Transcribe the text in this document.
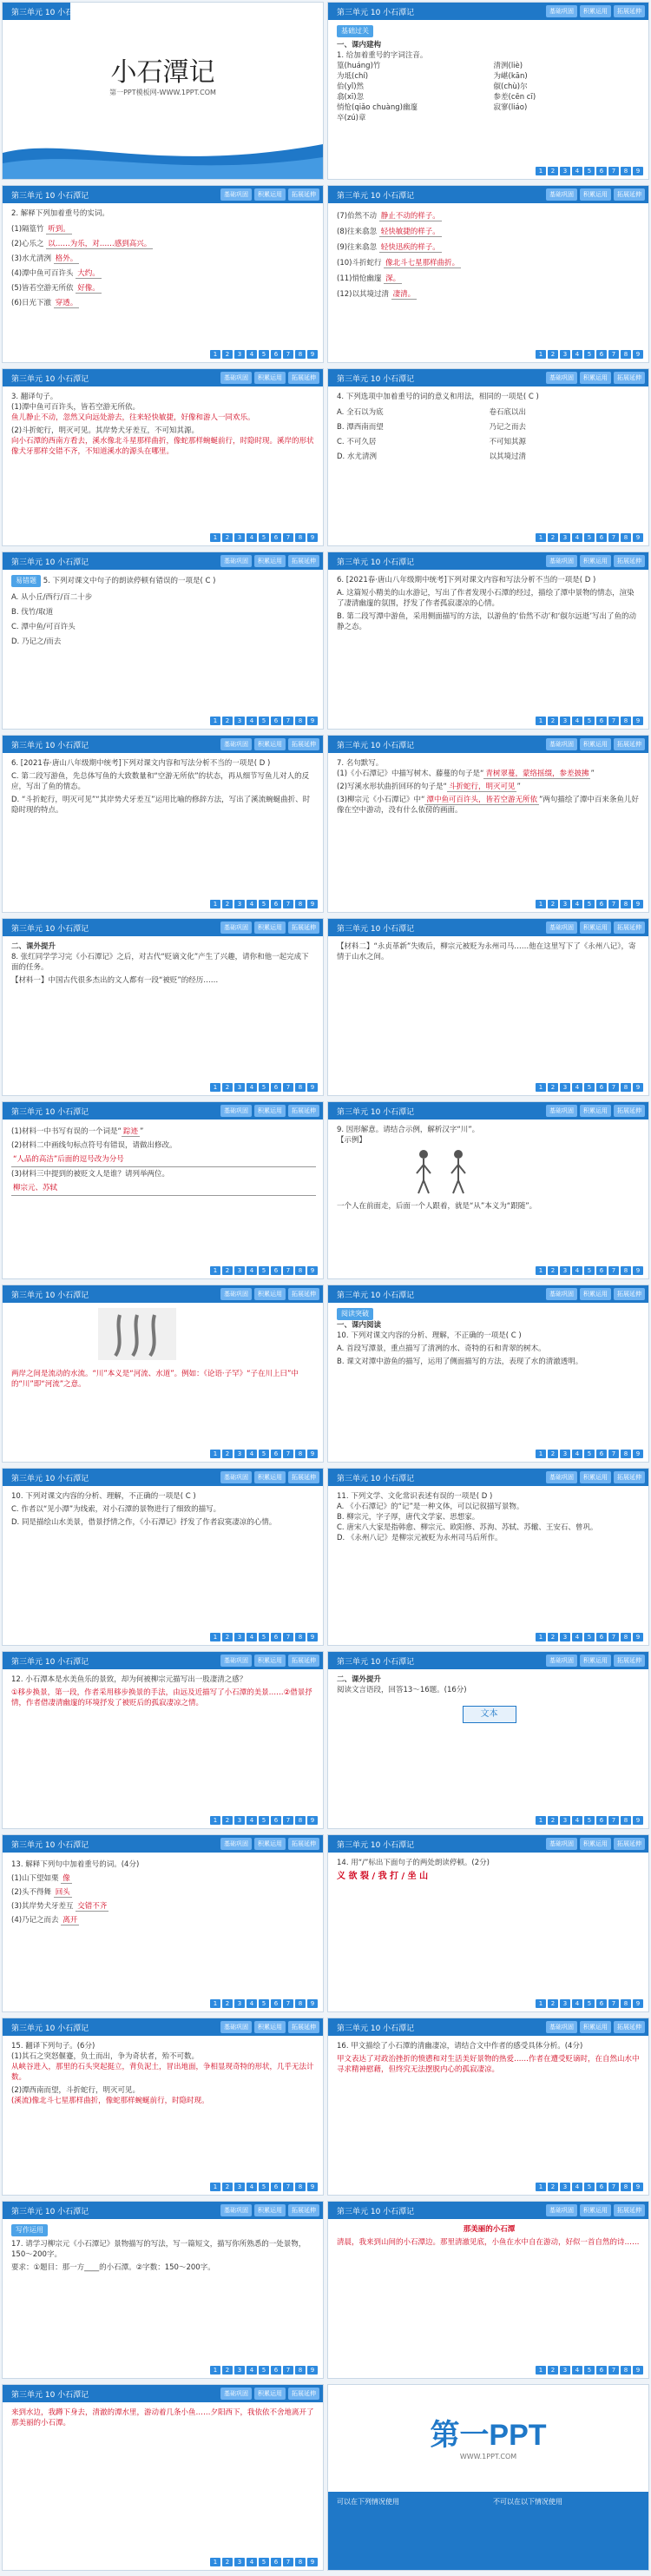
第三单元 10 小石潭记
小石潭记
第一PPT模板网-WWW.1PPT.COM
第三单元 10 小石潭记	基础巩固	积累运用	拓展延伸
基础过关
一、课内建构
1. 给加着重号的字词注音。
篁(huáng)竹	清洌(liè)
为坻(chí)	为嵁(kān)
佁(yǐ)然	俶(chù)尔
翕(xī)忽	参差(cēn cī)
悄怆(qiǎo chuàng)幽邃	寂寥(liáo)
卒(zú)章
1	2	3	4	5	6	7	8	9
第三单元 10 小石潭记	基础巩固	积累运用	拓展延伸
2. 解释下列加着重号的实词。
(1)隔篁竹 听到。
(2)心乐之 以……为乐，对……感到高兴。
(3)水尤清洌 格外。
(4)潭中鱼可百许头 大约。
(5)皆若空游无所依 好像。
(6)日光下澈 穿透。
1	2	3	4	5	6	7	8	9
第三单元 10 小石潭记	基础巩固	积累运用	拓展延伸
(7)佁然不动 静止不动的样子。
(8)往来翕忽 轻快敏捷的样子。
(9)往来翕忽 轻快迅疾的样子。
(10)斗折蛇行 像北斗七星那样曲折。
(11)悄怆幽邃 深。
(12)以其境过清 凄清。
1	2	3	4	5	6	7	8	9
第三单元 10 小石潭记	基础巩固	积累运用	拓展延伸
3. 翻译句子。
(1)潭中鱼可百许头，皆若空游无所依。
鱼儿静止不动，忽然又向远处游去，往来轻快敏捷，好像和游人一同欢乐。
(2)斗折蛇行，明灭可见。其岸势犬牙差互，不可知其源。
向小石潭的西南方看去，溪水像北斗星那样曲折，像蛇那样蜿蜒前行，时隐时现。溪岸的形状像犬牙那样交错不齐，不知道溪水的源头在哪里。
1	2	3	4	5	6	7	8	9
第三单元 10 小石潭记	基础巩固	积累运用	拓展延伸
4. 下列选项中加着重号的词的意义和用法，相同的一项是( C )
A. 全石以为底	卷石底以出
B. 潭西南而望	乃记之而去
C. 不可久居	不可知其源
D. 水尤清洌	以其境过清
1	2	3	4	5	6	7	8	9
第三单元 10 小石潭记	基础巩固	积累运用	拓展延伸
易错题 5. 下列对课文中句子的朗读停顿有错误的一项是( C )
A. 从小丘/西行/百二十步
B. 伐竹/取道
C. 潭中鱼/可百许头
D. 乃记之/而去
1	2	3	4	5	6	7	8	9
第三单元 10 小石潭记	基础巩固	积累运用	拓展延伸
6. [2021春·唐山八年级期中统考]下列对课文内容和写法分析不当的一项是( D )
A. 这篇短小精美的山水游记，写出了作者发现小石潭的经过，描绘了潭中景物的情态，渲染了凄清幽邃的氛围，抒发了作者孤寂凄凉的心情。
B. 第二段写潭中游鱼，采用侧面描写的方法，以游鱼的‘佁然不动’和‘俶尔远逝’写出了鱼的动静之态。
1	2	3	4	5	6	7	8	9
第三单元 10 小石潭记	基础巩固	积累运用	拓展延伸
6. [2021春·唐山八年级期中统考]下列对课文内容和写法分析不当的一项是( D )
C. 第二段写游鱼，先总体写鱼的大致数量和“空游无所依”的状态，再从细节写鱼儿对人的反应，写出了鱼的情态。
D. “斗折蛇行，明灭可见”“其岸势犬牙差互”运用比喻的修辞方法，写出了溪流蜿蜒曲折、时隐时现的特点。
1	2	3	4	5	6	7	8	9
第三单元 10 小石潭记	基础巩固	积累运用	拓展延伸
7. 名句默写。
(1)《小石潭记》中描写树木、藤蔓的句子是“ 青树翠蔓，蒙络摇缀，参差披拂 ”
(2)写溪水形状曲折回环的句子是“ 斗折蛇行，明灭可见 ”
(3)柳宗元《小石潭记》中“ 潭中鱼可百许头，皆若空游无所依 ”两句描绘了潭中百来条鱼儿好像在空中游动，没有什么依傍的画面。
1	2	3	4	5	6	7	8	9
第三单元 10 小石潭记	基础巩固	积累运用	拓展延伸
二、课外提升
8. 张红同学学习完《小石潭记》之后，对古代“贬谪文化”产生了兴趣，请你和他一起完成下面的任务。
【材料一】中国古代很多杰出的文人都有一段“被贬”的经历……
1	2	3	4	5	6	7	8	9
第三单元 10 小石潭记	基础巩固	积累运用	拓展延伸
【材料二】“永贞革新”失败后，柳宗元被贬为永州司马……他在这里写下了《永州八记》，寄情于山水之间。
1	2	3	4	5	6	7	8	9
第三单元 10 小石潭记	基础巩固	积累运用	拓展延伸
(1)材料一中书写有误的一个词是“ 踪迹 ”
(2)材料二中画线句标点符号有错误，请做出修改。
“人品的高洁”后面的逗号改为分号
(3)材料三中提到的被贬文人是谁？请列举两位。
柳宗元、苏轼
1	2	3	4	5	6	7	8	9
第三单元 10 小石潭记	基础巩固	积累运用	拓展延伸
9. 因形解意。请结合示例，解析汉字“川”。
【示例】
一个人在前面走，后面一个人跟着，就是“从”本义为“跟随”。
1	2	3	4	5	6	7	8	9
第三单元 10 小石潭记	基础巩固	积累运用	拓展延伸
两岸之间是流动的水流。“川”本义是“河流、水道”。例如：《论语·子罕》“子在川上曰”中的“川”即“河流”之意。
1	2	3	4	5	6	7	8	9
第三单元 10 小石潭记	基础巩固	积累运用	拓展延伸
阅读突破
一、课内阅读
10. 下列对课文内容的分析、理解，不正确的一项是( C )
A. 首段写潭景，重点描写了清冽的水、奇特的石和青翠的树木。
B. 课文对潭中游鱼的描写，运用了侧面描写的方法，表现了水的清澈透明。
1	2	3	4	5	6	7	8	9
第三单元 10 小石潭记	基础巩固	积累运用	拓展延伸
10. 下列对课文内容的分析、理解，不正确的一项是( C )
C. 作者以“见小潭”为线索，对小石潭的景物进行了细致的描写。
D. 同是描绘山水美景，借景抒情之作，《小石潭记》抒发了作者寂寞凄凉的心情。
1	2	3	4	5	6	7	8	9
第三单元 10 小石潭记	基础巩固	积累运用	拓展延伸
11. 下列文学、文化常识表述有误的一项是( D )
A. 《小石潭记》的“记”是一种文体，可以记叙描写景物。
B. 柳宗元，字子厚，唐代文学家、思想家。
C. 唐宋八大家是指韩愈、柳宗元、欧阳修、苏洵、苏轼、苏辙、王安石、曾巩。
D. 《永州八记》是柳宗元被贬为永州司马后所作。
1	2	3	4	5	6	7	8	9
第三单元 10 小石潭记	基础巩固	积累运用	拓展延伸
12. 小石潭本是水美鱼乐的景致，却为何被柳宗元描写出一股凄清之感？
①移步换景，第一段，作者采用移步换景的手法，由远及近描写了小石潭的美景……②借景抒情，作者借凄清幽邃的环境抒发了被贬后的孤寂凄凉之情。
1	2	3	4	5	6	7	8	9
第三单元 10 小石潭记	基础巩固	积累运用	拓展延伸
二、课外提升
阅读文言语段，回答13～16题。(16分)
文本
1	2	3	4	5	6	7	8	9
第三单元 10 小石潭记	基础巩固	积累运用	拓展延伸
13. 解释下列句中加着重号的词。(4分)
(1)山下望如栗 像
(2)头不得舞 回头
(3)其岸势犬牙差互 交错不齐
(4)乃记之而去 离开
1	2	3	4	5	6	7	8	9
第三单元 10 小石潭记	基础巩固	积累运用	拓展延伸
14. 用“/”标出下面句子的两处朗读停顿。(2分)
义 欲 裂 / 我 打 / 坐 山
1	2	3	4	5	6	7	8	9
第三单元 10 小石潭记	基础巩固	积累运用	拓展延伸
15. 翻译下列句子。(6分)
(1)其石之突怒偃蹇，负土而出，争为奇状者，殆不可数。
从峡谷进入，那里的石头突起挺立，背负泥土，冒出地面，争相显现奇特的形状，几乎无法计数。
(2)潭西南而望，斗折蛇行，明灭可见。
(溪流)像北斗七星那样曲折，像蛇那样蜿蜒前行，时隐时现。
1	2	3	4	5	6	7	8	9
第三单元 10 小石潭记	基础巩固	积累运用	拓展延伸
16. 甲文描绘了小石潭的清幽凄凉，请结合文中作者的感受具体分析。(4分)
甲文表达了对政治挫折的愤懑和对生活美好景物的热爱……作者在遭受贬谪时，在自然山水中寻求精神慰藉，但终究无法摆脱内心的孤寂凄凉。
1	2	3	4	5	6	7	8	9
第三单元 10 小石潭记	基础巩固	积累运用	拓展延伸
写作运用
17. 请学习柳宗元《小石潭记》景物描写的写法，写一篇短文，描写你所熟悉的一处景物，150～200字。
要求：①题目：那一方____的小石潭。②字数：150～200字。
1	2	3	4	5	6	7	8	9
第三单元 10 小石潭记	基础巩固	积累运用	拓展延伸
那美丽的小石潭
清晨，我来到山间的小石潭边。那里清澈见底，小鱼在水中自在游动，好似一首自然的诗……
1	2	3	4	5	6	7	8	9
第三单元 10 小石潭记	基础巩固	积累运用	拓展延伸
来到水边，我蹲下身去，清澈的潭水里，游动着几条小鱼……夕阳西下，我依依不舍地离开了那美丽的小石潭。
1	2	3	4	5	6	7	8	9
第一PPT
WWW.1PPT.COM
可以在下列情况使用	不可以在以下情况使用
